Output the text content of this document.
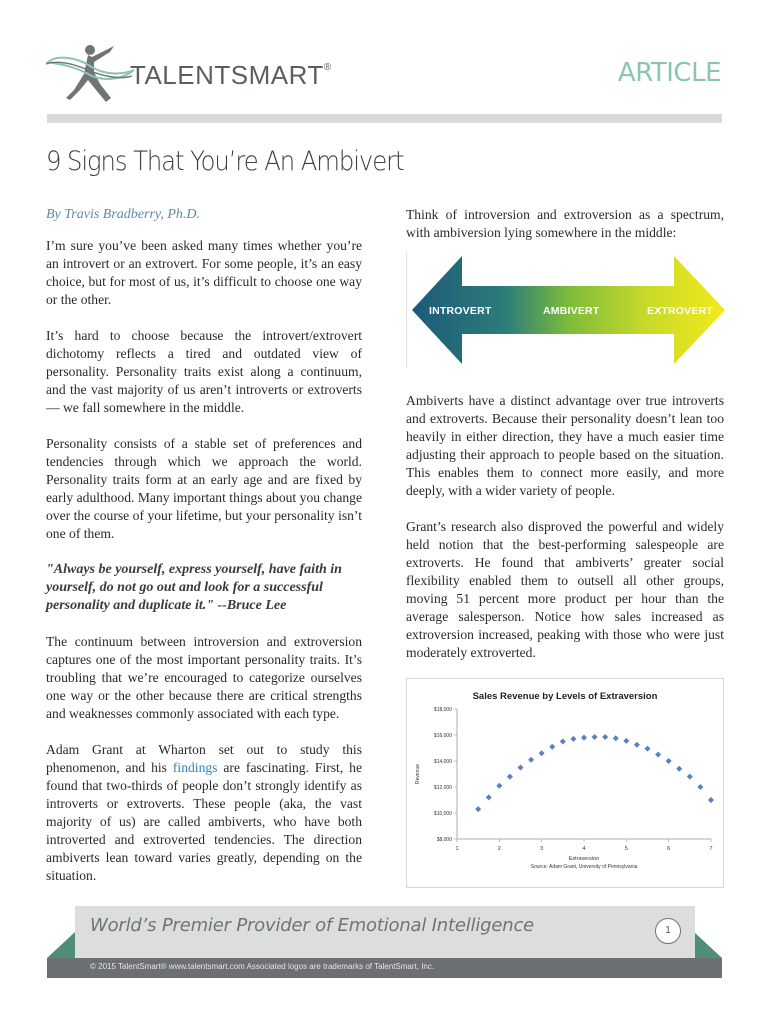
TALENTSMART®	ARTICLE
9 Signs That You’re An Ambivert
By Travis Bradberry, Ph.D.

I’m sure you’ve been asked many times whether you’re an introvert or an extrovert. For some people, it’s an easy choice, but for most of us, it’s difficult to choose one way or the other.

It’s hard to choose because the introvert/extrovert dichotomy reflects a tired and outdated view of personality. Personality traits exist along a continuum, and the vast majority of us aren’t introverts or extroverts — we fall somewhere in the middle.

Personality consists of a stable set of preferences and tendencies through which we approach the world. Personality traits form at an early age and are fixed by early adulthood. Many important things about you change over the course of your lifetime, but your personality isn’t one of them.

"Always be yourself, express yourself, have faith in yourself, do not go out and look for a successful personality and duplicate it." --Bruce Lee

The continuum between introversion and extroversion captures one of the most important personality traits. It’s troubling that we’re encouraged to categorize ourselves one way or the other because there are critical strengths and weaknesses commonly associated with each type.

Adam Grant at Wharton set out to study this phenomenon, and his findings are fascinating. First, he found that two-thirds of people don’t strongly identify as introverts or extroverts. These people (aka, the vast majority of us) are called ambiverts, who have both introverted and extroverted tendencies. The direction ambiverts lean toward varies greatly, depending on the situation.

Think of introversion and extroversion as a spectrum, with ambiversion lying somewhere in the middle:

INTROVERT	AMBIVERT	EXTROVERT

Ambiverts have a distinct advantage over true introverts and extroverts. Because their personality doesn’t lean too heavily in either direction, they have a much easier time adjusting their approach to people based on the situation. This enables them to connect more easily, and more deeply, with a wider variety of people.

Grant’s research also disproved the powerful and widely held notion that the best-performing salespeople are extroverts. He found that ambiverts’ greater social flexibility enabled them to outsell all other groups, moving 51 percent more product per hour than the average salesperson. Notice how sales increased as extroversion increased, peaking with those who were just moderately extroverted.

Sales Revenue by Levels of Extraversion
$8,000
$10,000
$12,000
$14,000
$16,000
$18,000
1	2	3	4	5	6	7
Extraversion
Source: Adam Grant, University of Pennsylvania
Revenue
World’s Premier Provider of Emotional Intelligence	1
© 2015 TalentSmart® www.talentsmart.com Associated logos are trademarks of TalentSmart, Inc.
